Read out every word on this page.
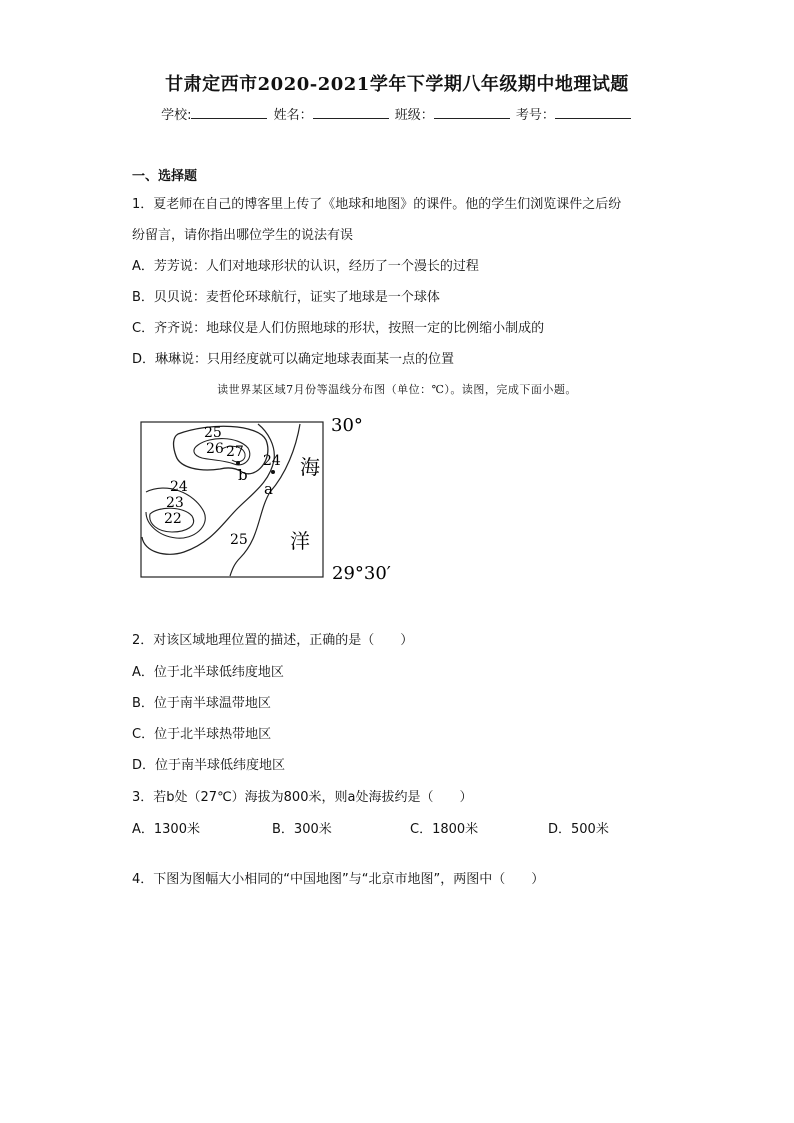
甘肃定西市2020-2021学年下学期八年级期中地理试题
学校:	姓名：	班级：	考号：
一、选择题
1．夏老师在自己的博客里上传了《地球和地图》的课件。他的学生们浏览课件之后纷
纷留言，请你指出哪位学生的说法有误
A．芳芳说：人们对地球形状的认识，经历了一个漫长的过程
B．贝贝说：麦哲伦环球航行，证实了地球是一个球体
C．齐齐说：地球仪是人们仿照地球的形状，按照一定的比例缩小制成的
D．琳琳说：只用经度就可以确定地球表面某一点的位置
读世界某区域7月份等温线分布图（单位：℃）。读图，完成下面小题。
25
26 27
24
24
23
22
25
b
a
海
洋
30°
29°30′
2．对该区域地理位置的描述，正确的是（　　）
A．位于北半球低纬度地区
B．位于南半球温带地区
C．位于北半球热带地区
D．位于南半球低纬度地区
3．若b处（27℃）海拔为800米，则a处海拔约是（　　）
A．1300米	B．300米	C．1800米	D．500米
4．下图为图幅大小相同的“中国地图”与“北京市地图”，两图中（　　）
